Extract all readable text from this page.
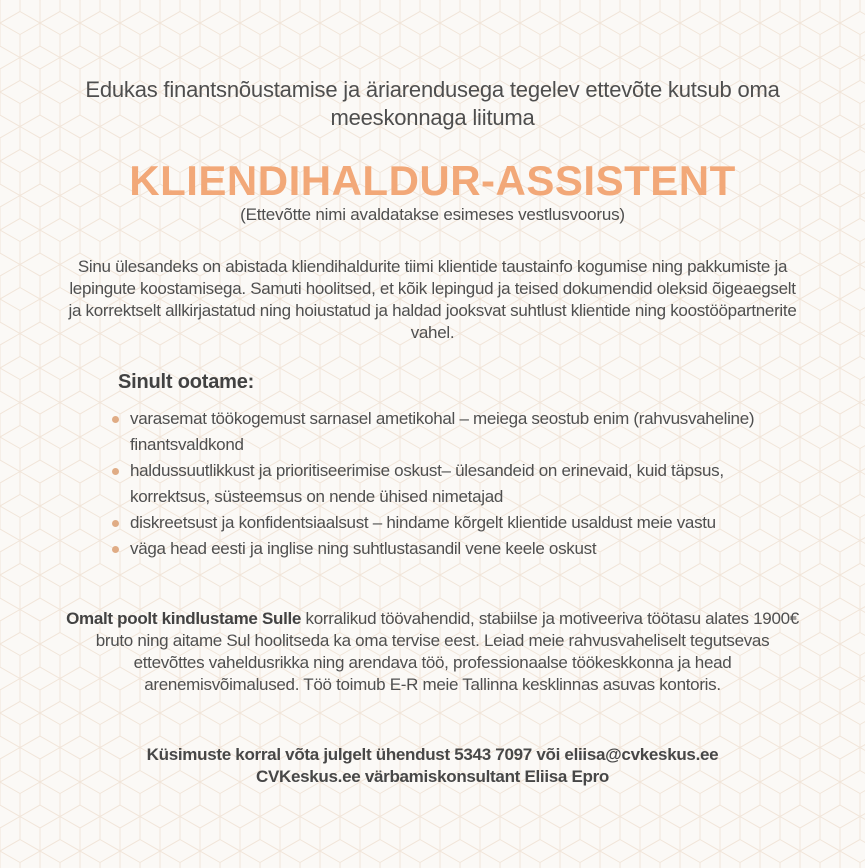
Edukas finantsnõustamise ja äriarendusega tegelev ettevõte kutsub oma meeskonnaga liituma
KLIENDIHALDUR-ASSISTENT
(Ettevõtte nimi avaldatakse esimeses vestlusvoorus)
Sinu ülesandeks on abistada kliendihaldurite tiimi klientide taustainfo kogumise ning pakkumiste ja lepingute koostamisega. Samuti hoolitsed, et kõik lepingud ja teised dokumendid oleksid õigeaegselt ja korrektselt allkirjastatud ning hoiustatud ja haldad jooksvat suhtlust klientide ning koostööpartnerite vahel.
Sinult ootame:
varasemat töökogemust sarnasel ametikohal – meiega seostub enim (rahvusvaheline) finantsvaldkond
haldussuutlikkust ja prioritiseerimise oskust– ülesandeid on erinevaid, kuid täpsus, korrektsus, süsteemsus on nende ühised nimetajad
diskreetsust ja konfidentsiaalsust – hindame kõrgelt klientide usaldust meie vastu
väga head eesti ja inglise ning suhtlustasandil vene keele oskust
Omalt poolt kindlustame Sulle korralikud töövahendid, stabiilse ja motiveeriva töötasu alates 1900€ bruto ning aitame Sul hoolitseda ka oma tervise eest. Leiad meie rahvusvaheliselt tegutsevas ettevõttes vaheldusrikka ning arendava töö, professionaalse töökeskkonna ja head arenemisvõimalused. Töö toimub E-R meie Tallinna kesklinnas asuvas kontoris.
Küsimuste korral võta julgelt ühendust 5343 7097 või eliisa@cvkeskus.ee
CVKeskus.ee värbamiskonsultant Eliisa Epro
